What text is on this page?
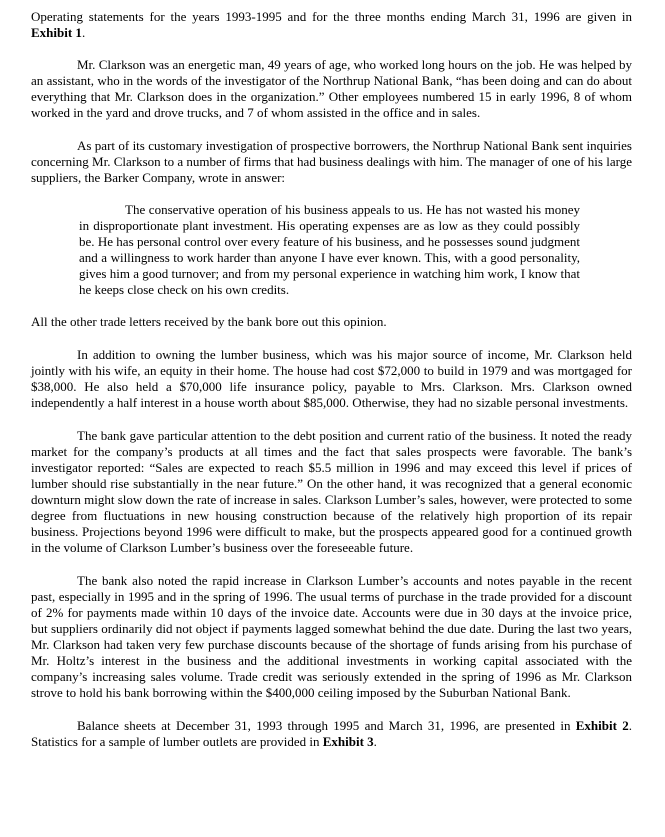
Operating statements for the years 1993-1995 and for the three months ending March 31, 1996 are given in Exhibit 1.

Mr. Clarkson was an energetic man, 49 years of age, who worked long hours on the job. He was helped by an assistant, who in the words of the investigator of the Northrup National Bank, “has been doing and can do about everything that Mr. Clarkson does in the organization.” Other employees numbered 15 in early 1996, 8 of whom worked in the yard and drove trucks, and 7 of whom assisted in the office and in sales.

As part of its customary investigation of prospective borrowers, the Northrup National Bank sent inquiries concerning Mr. Clarkson to a number of firms that had business dealings with him. The manager of one of his large suppliers, the Barker Company, wrote in answer:

The conservative operation of his business appeals to us. He has not wasted his money in disproportionate plant investment. His operating expenses are as low as they could possibly be. He has personal control over every feature of his business, and he possesses sound judgment and a willingness to work harder than anyone I have ever known. This, with a good personality, gives him a good turnover; and from my personal experience in watching him work, I know that he keeps close check on his own credits.

All the other trade letters received by the bank bore out this opinion.

In addition to owning the lumber business, which was his major source of income, Mr. Clarkson held jointly with his wife, an equity in their home. The house had cost $72,000 to build in 1979 and was mortgaged for $38,000. He also held a $70,000 life insurance policy, payable to Mrs. Clarkson. Mrs. Clarkson owned independently a half interest in a house worth about $85,000. Otherwise, they had no sizable personal investments.

The bank gave particular attention to the debt position and current ratio of the business. It noted the ready market for the company’s products at all times and the fact that sales prospects were favorable. The bank’s investigator reported: “Sales are expected to reach $5.5 million in 1996 and may exceed this level if prices of lumber should rise substantially in the near future.” On the other hand, it was recognized that a general economic downturn might slow down the rate of increase in sales. Clarkson Lumber’s sales, however, were protected to some degree from fluctuations in new housing construction because of the relatively high proportion of its repair business. Projections beyond 1996 were difficult to make, but the prospects appeared good for a continued growth in the volume of Clarkson Lumber’s business over the foreseeable future.

The bank also noted the rapid increase in Clarkson Lumber’s accounts and notes payable in the recent past, especially in 1995 and in the spring of 1996. The usual terms of purchase in the trade provided for a discount of 2% for payments made within 10 days of the invoice date. Accounts were due in 30 days at the invoice price, but suppliers ordinarily did not object if payments lagged somewhat behind the due date. During the last two years, Mr. Clarkson had taken very few purchase discounts because of the shortage of funds arising from his purchase of Mr. Holtz’s interest in the business and the additional investments in working capital associated with the company’s increasing sales volume. Trade credit was seriously extended in the spring of 1996 as Mr. Clarkson strove to hold his bank borrowing within the $400,000 ceiling imposed by the Suburban National Bank.

Balance sheets at December 31, 1993 through 1995 and March 31, 1996, are presented in Exhibit 2. Statistics for a sample of lumber outlets are provided in Exhibit 3.
